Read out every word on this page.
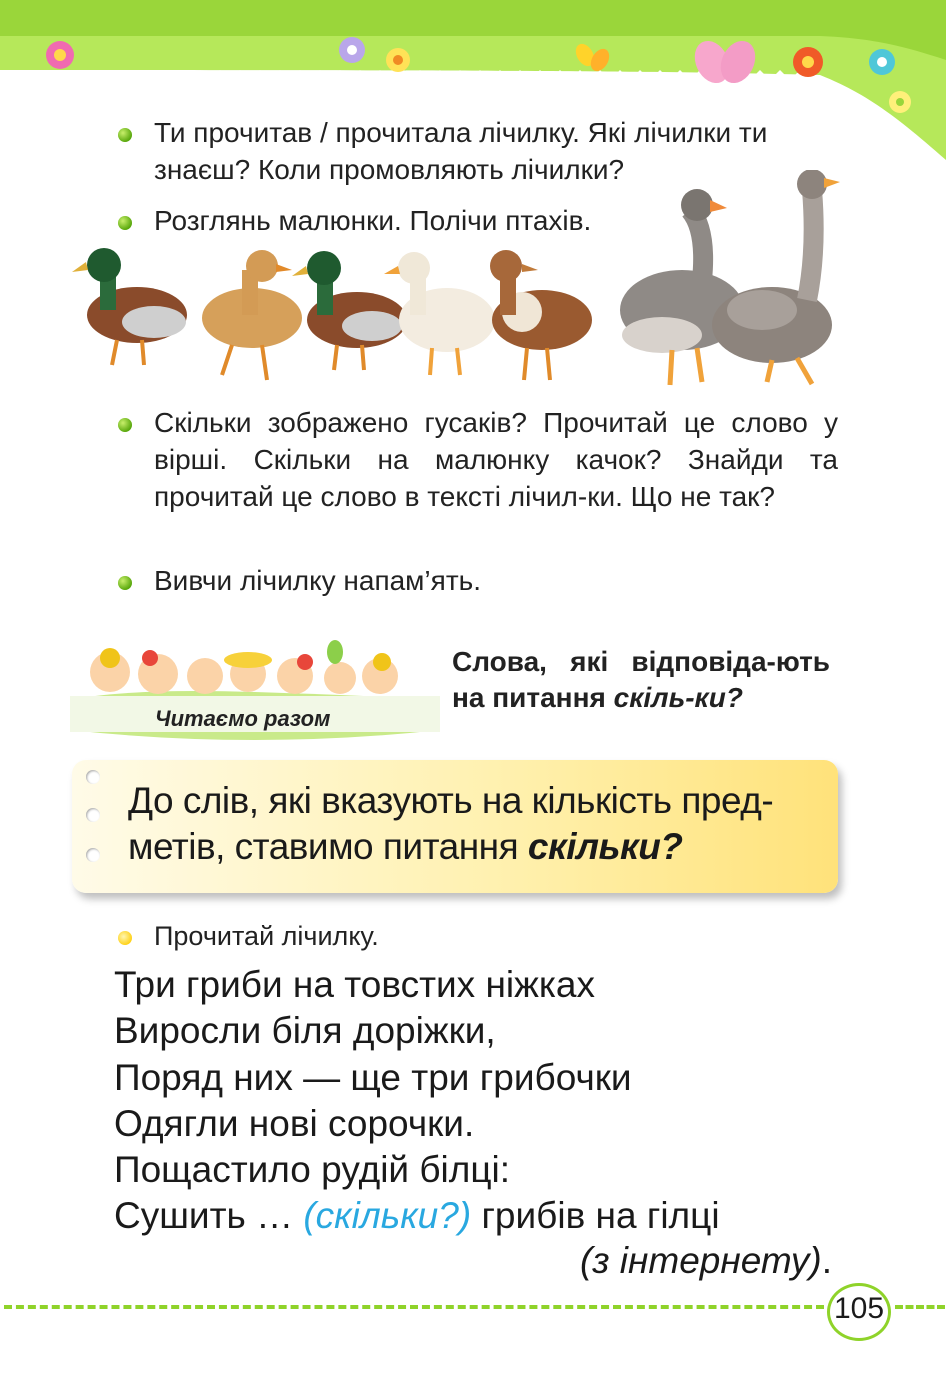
Ти прочитав / прочитала лічилку. Які лічилки ти знаєш? Коли промовляють лічилки?
Розглянь малюнки. Полічи птахів.
Скільки зображено гусаків? Прочитай це слово у вірші. Скільки на малюнку качок? Знайди та прочитай це слово в тексті лічил-ки. Що не так?
Вивчи лічилку напам’ять.
Читаємо разом
Слова, які відповіда-ють на питання скіль-ки?
До слів, які вказують на кількість пред-метів, ставимо питання скільки?
Прочитай лічилку.
Три гриби на товстих ніжках
Виросли біля доріжки,
Поряд них — ще три грибочки
Одягли нові сорочки.
Пощастило рудій білці:
Сушить … (скільки?) грибів на гілці
(з інтернету).
105
